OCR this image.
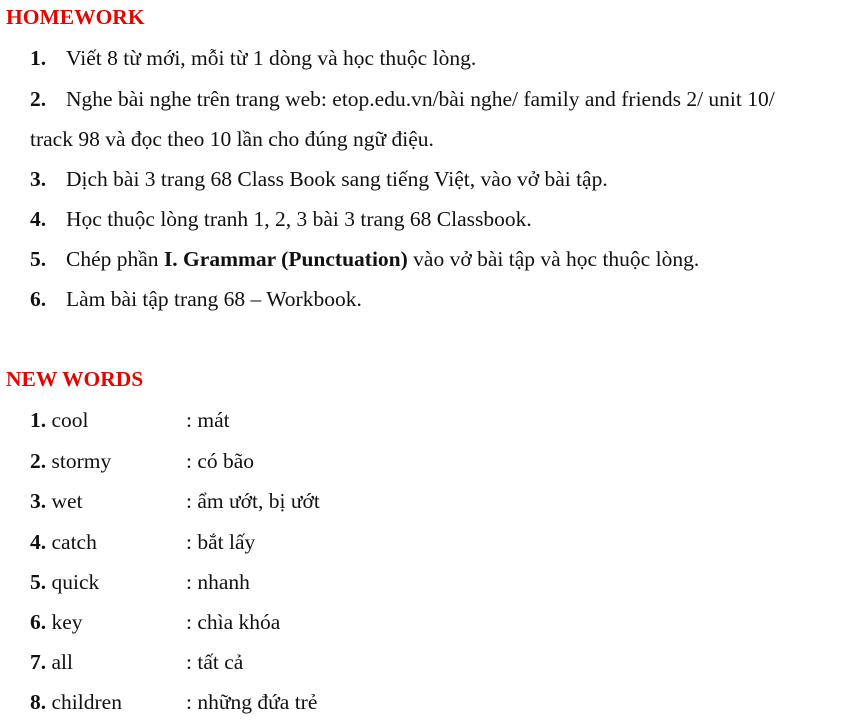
HOMEWORK
1. Viết 8 từ mới, mỗi từ 1 dòng và học thuộc lòng.
2. Nghe bài nghe trên trang web: etop.edu.vn/bài nghe/ family and friends 2/ unit 10/
track 98 và đọc theo 10 lần cho đúng ngữ điệu.
3. Dịch bài 3 trang 68 Class Book sang tiếng Việt, vào vở bài tập.
4. Học thuộc lòng tranh 1, 2, 3 bài 3 trang 68 Classbook.
5. Chép phần I. Grammar (Punctuation) vào vở bài tập và học thuộc lòng.
6. Làm bài tập trang 68 – Workbook.
NEW WORDS
1. cool	: mát
2. stormy	: có bão
3. wet	: ẩm ướt, bị ướt
4. catch	: bắt lấy
5. quick	: nhanh
6. key	: chìa khóa
7. all	: tất cả
8. children	: những đứa trẻ
